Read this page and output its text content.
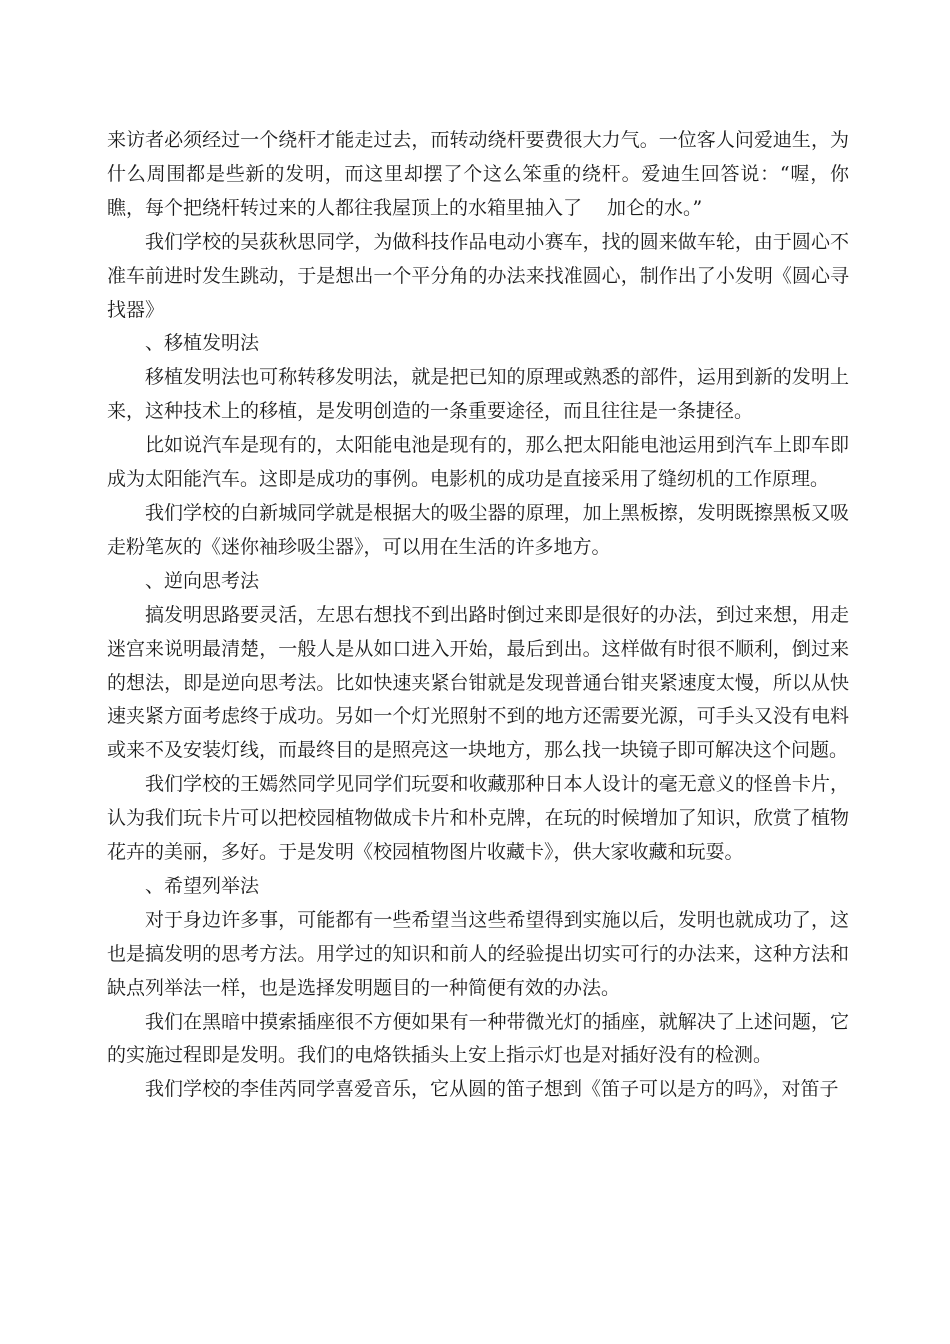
来访者必须经过一个绕杆才能走过去，而转动绕杆要费很大力气。一位客人问爱迪生，为什么周围都是些新的发明，而这里却摆了个这么笨重的绕杆。爱迪生回答说：“喔，你瞧，每个把绕杆转过来的人都往我屋顶上的水箱里抽入了　 加仑的水。”

我们学校的吴荻秋思同学，为做科技作品电动小赛车，找的圆来做车轮，由于圆心不准车前进时发生跳动，于是想出一个平分角的办法来找准圆心，制作出了小发明《圆心寻找器》

、移植发明法

移植发明法也可称转移发明法，就是把已知的原理或熟悉的部件，运用到新的发明上来，这种技术上的移植，是发明创造的一条重要途径，而且往往是一条捷径。

比如说汽车是现有的，太阳能电池是现有的，那么把太阳能电池运用到汽车上即车即成为太阳能汽车。这即是成功的事例。电影机的成功是直接采用了缝纫机的工作原理。

我们学校的白新城同学就是根据大的吸尘器的原理，加上黑板擦，发明既擦黑板又吸走粉笔灰的《迷你袖珍吸尘器》，可以用在生活的许多地方。

、逆向思考法

搞发明思路要灵活，左思右想找不到出路时倒过来即是很好的办法，到过来想，用走迷宫来说明最清楚，一般人是从如口进入开始，最后到出。这样做有时很不顺利，倒过来的想法，即是逆向思考法。比如快速夹紧台钳就是发现普通台钳夹紧速度太慢，所以从快速夹紧方面考虑终于成功。另如一个灯光照射不到的地方还需要光源，可手头又没有电料或来不及安装灯线，而最终目的是照亮这一块地方，那么找一块镜子即可解决这个问题。

我们学校的王嫣然同学见同学们玩耍和收藏那种日本人设计的毫无意义的怪兽卡片，认为我们玩卡片可以把校园植物做成卡片和朴克牌，在玩的时候增加了知识，欣赏了植物花卉的美丽，多好。于是发明《校园植物图片收藏卡》，供大家收藏和玩耍。

、希望列举法

对于身边许多事，可能都有一些希望当这些希望得到实施以后，发明也就成功了，这也是搞发明的思考方法。用学过的知识和前人的经验提出切实可行的办法来，这种方法和缺点列举法一样，也是选择发明题目的一种简便有效的办法。

我们在黑暗中摸索插座很不方便如果有一种带微光灯的插座，就解决了上述问题，它的实施过程即是发明。我们的电烙铁插头上安上指示灯也是对插好没有的检测。

我们学校的李佳芮同学喜爱音乐，它从圆的笛子想到《笛子可以是方的吗》，对笛子
